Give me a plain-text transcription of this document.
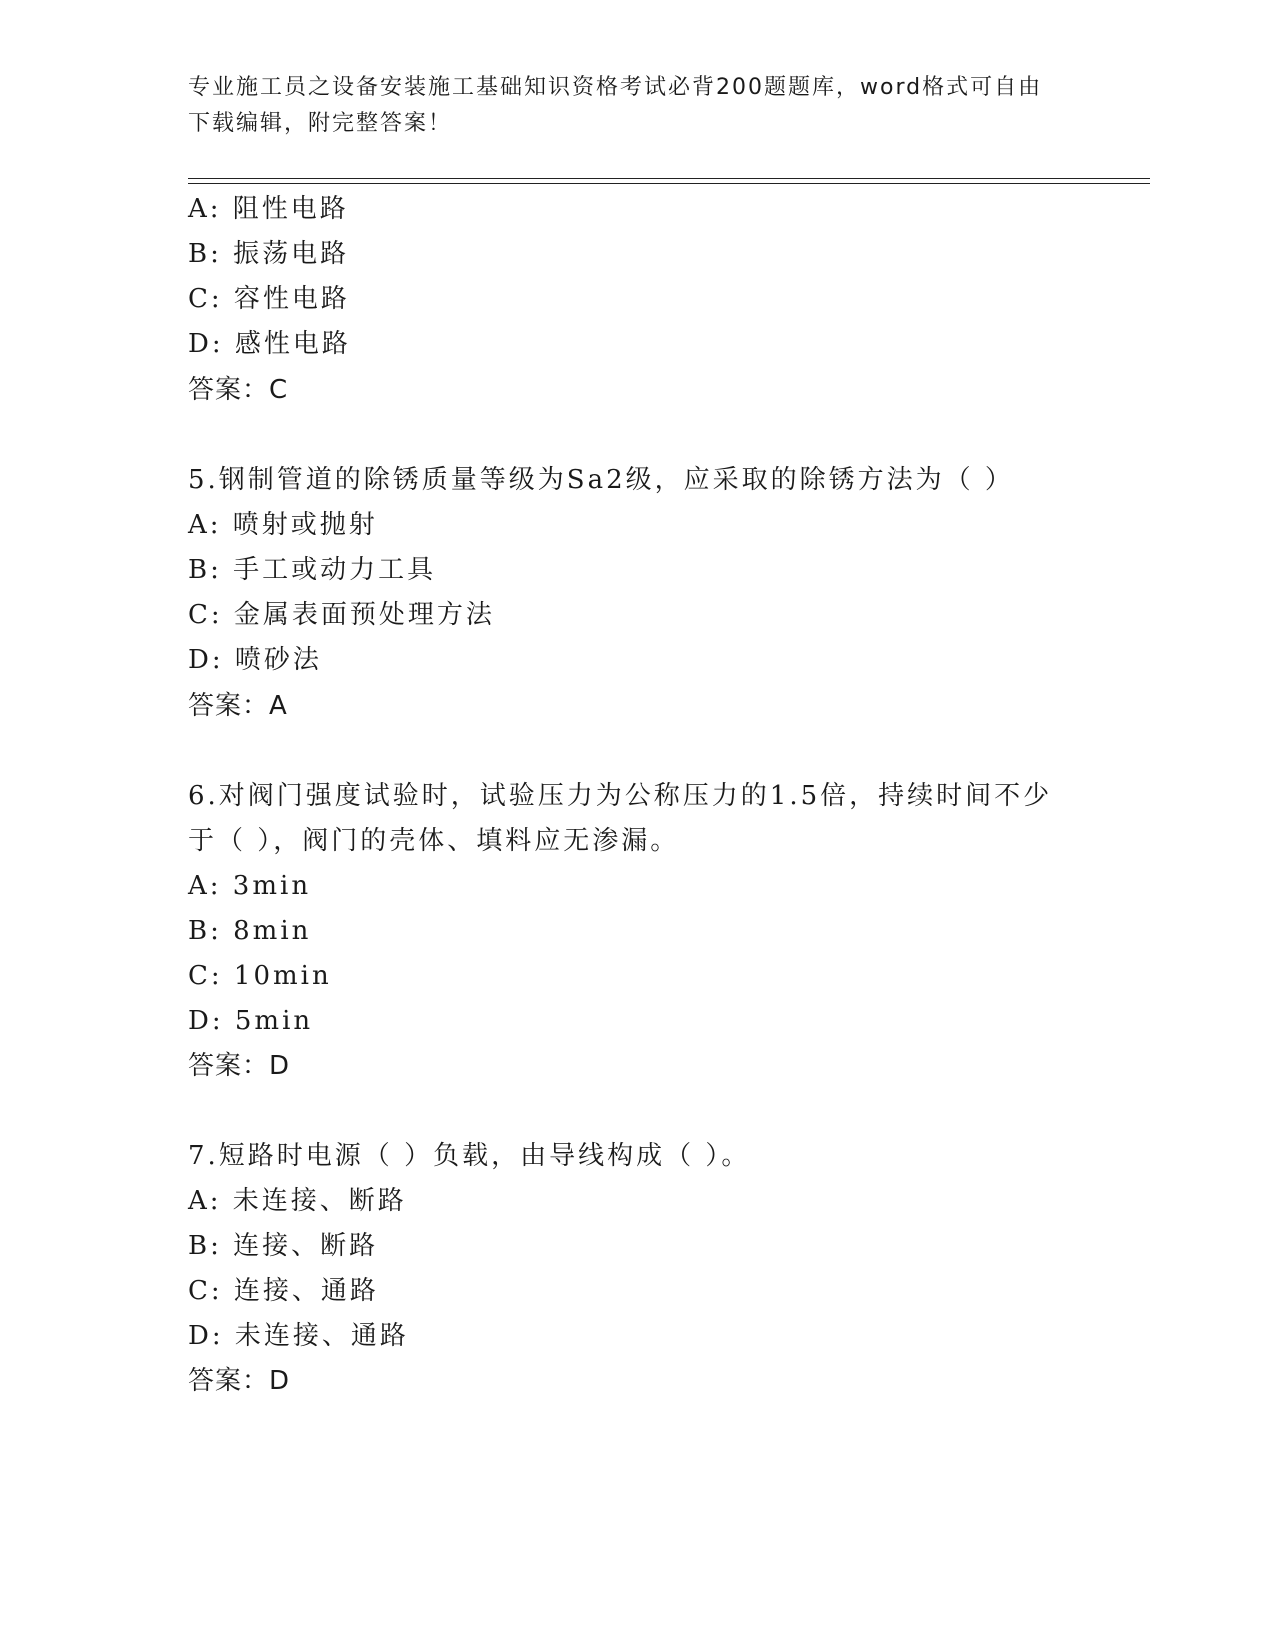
专业施工员之设备安装施工基础知识资格考试必背200题题库，word格式可自由
下载编辑，附完整答案！
A: 阻性电路
B: 振荡电路
C: 容性电路
D: 感性电路
答案：C
5.钢制管道的除锈质量等级为Sa2级，应采取的除锈方法为（ ）
A: 喷射或抛射
B: 手工或动力工具
C: 金属表面预处理方法
D: 喷砂法
答案：A
6.对阀门强度试验时，试验压力为公称压力的1.5倍，持续时间不少
于（ ），阀门的壳体、填料应无渗漏。
A: 3min
B: 8min
C: 10min
D: 5min
答案：D
7.短路时电源（ ）负载，由导线构成（ ）。
A: 未连接、断路
B: 连接、断路
C: 连接、通路
D: 未连接、通路
答案：D
